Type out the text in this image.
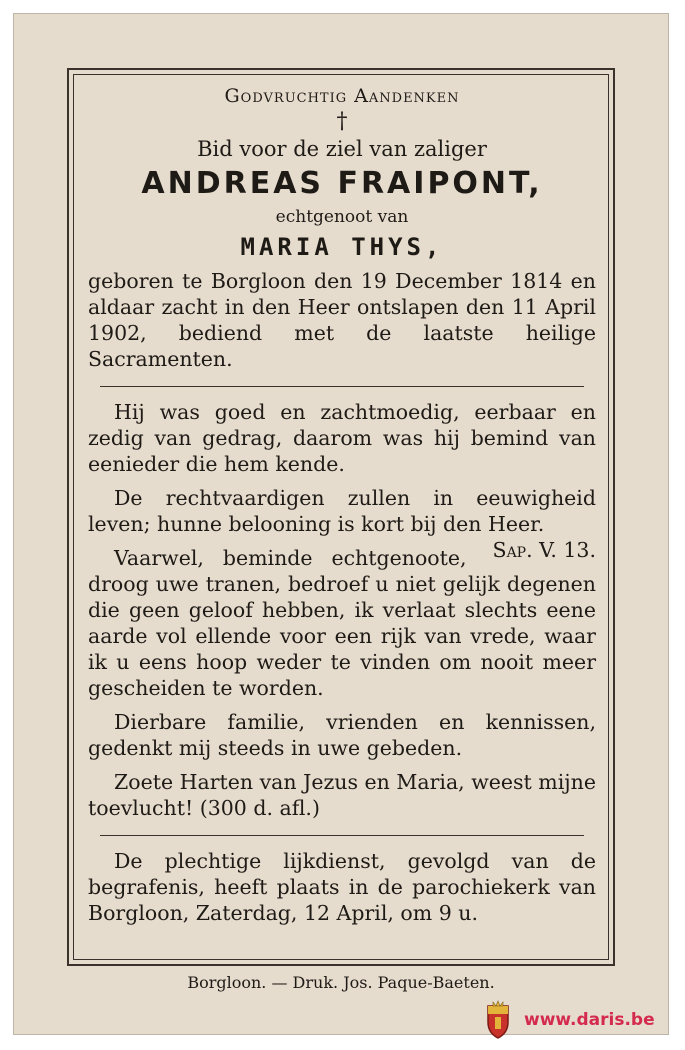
Godvruchtig Aandenken

†

Bid voor de ziel van zaliger

ANDREAS FRAIPONT,

echtgenoot van

MARIA THYS,

geboren te Borgloon den 19 December 1814 en aldaar zacht in den Heer ontslapen den 11 April 1902, bediend met de laatste heilige Sacramenten.

Hij was goed en zachtmoedig, eerbaar en zedig van gedrag, daarom was hij bemind van eenieder die hem kende.

De rechtvaardigen zullen in eeuwigheid leven; hunne belooning is kort bij den Heer.
Sap. V. 13.

Vaarwel, beminde echtgenoote, droog uwe tranen, bedroef u niet gelijk degenen die geen geloof hebben, ik verlaat slechts eene aarde vol ellende voor een rijk van vrede, waar ik u eens hoop weder te vinden om nooit meer gescheiden te worden.

Dierbare familie, vrienden en kennissen, gedenkt mij steeds in uwe gebeden.

Zoete Harten van Jezus en Maria, weest mijne toevlucht! (300 d. afl.)

De plechtige lijkdienst, gevolgd van de begrafenis, heeft plaats in de parochiekerk van Borgloon, Zaterdag, 12 April, om 9 u.

Borgloon. — Druk. Jos. Paque-Baeten.
www.daris.be
